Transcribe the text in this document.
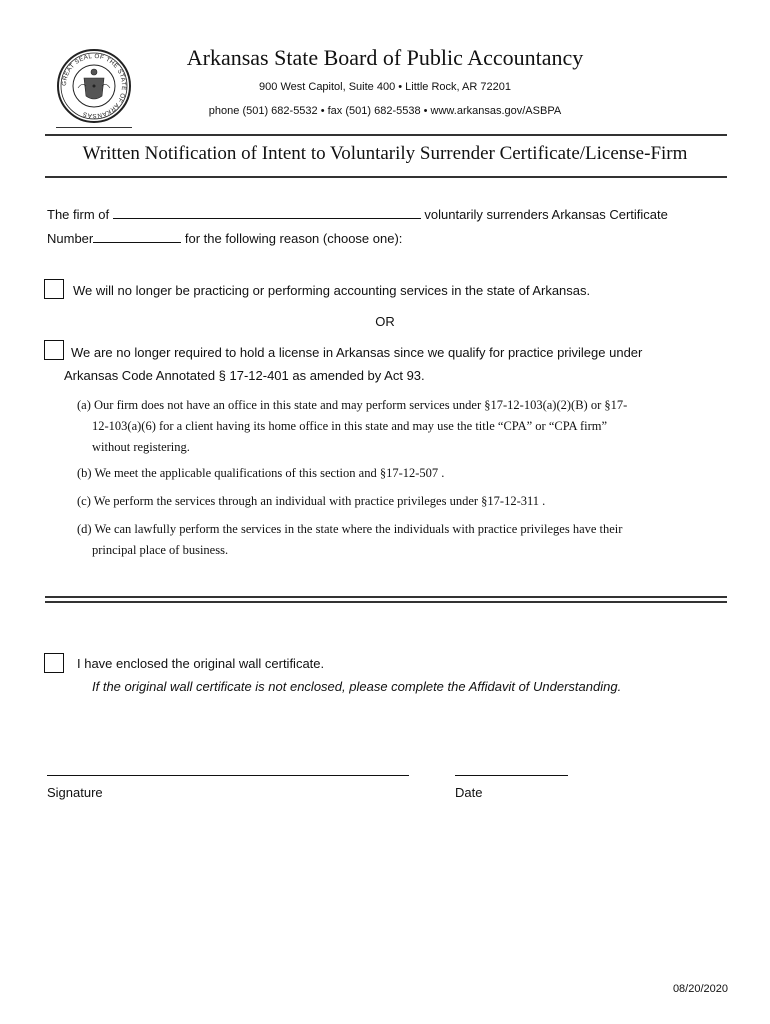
GREAT SEAL OF THE STATE OF ARKANSAS
Arkansas State Board of Public Accountancy
900 West Capitol, Suite 400 • Little Rock, AR 72201
phone (501) 682-5532 • fax (501) 682-5538 • www.arkansas.gov/ASBPA
Written Notification of Intent to Voluntarily Surrender Certificate/License-Firm
The firm of	voluntarily surrenders Arkansas Certificate
Number	for the following reason (choose one):
We will no longer be practicing or performing accounting services in the state of Arkansas.
OR
We are no longer required to hold a license in Arkansas since we qualify for practice privilege under
Arkansas Code Annotated § 17-12-401 as amended by Act 93.
(a) Our firm does not have an office in this state and may perform services under §17-12-103(a)(2)(B) or §17-
12-103(a)(6) for a client having its home office in this state and may use the title “CPA” or “CPA firm”
without registering.
(b) We meet the applicable qualifications of this section and §17-12-507 .
(c) We perform the services through an individual with practice privileges under §17-12-311 .
(d) We can lawfully perform the services in the state where the individuals with practice privileges have their
principal place of business.
I have enclosed the original wall certificate.
If the original wall certificate is not enclosed, please complete the Affidavit of Understanding.
Signature	Date
08/20/2020
